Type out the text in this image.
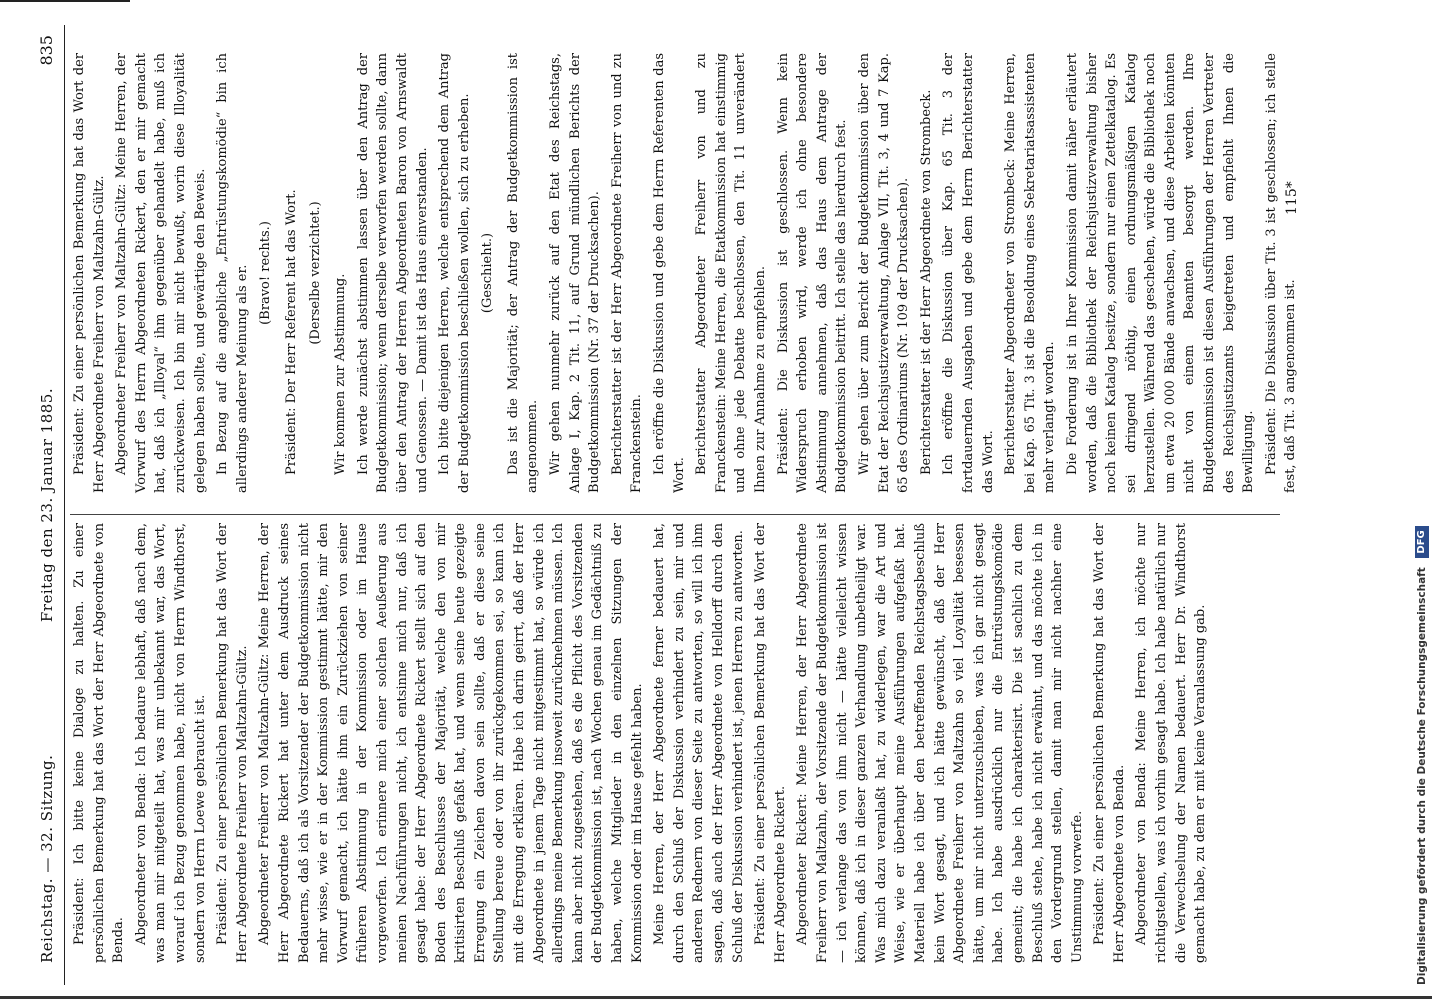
Reichstag. — 32. Sitzung.
Freitag den 23. Januar 1885.
835

Präsident: Ich bitte keine Dialoge zu halten. Zu einer persönlichen Bemerkung hat das Wort der Herr Abgeordnete von Benda. Abgeordneter von Benda: Ich bedaure lebhaft, daß nach dem, was man mir mitgeteilt hat, was mir unbekannt war, das Wort, worauf ich Bezug genommen habe, nicht von Herrn Windthorst, sondern von Herrn Loewe gebraucht ist. Präsident: Zu einer persönlichen Bemerkung hat das Wort der Herr Abgeordnete Freiherr von Maltzahn-Gültz. Abgeordneter Freiherr von Maltzahn-Gültz: Meine Herren, der Herr Abgeordnete Rickert hat unter dem Ausdruck seines Bedauerns, daß ich als Vorsitzender der Budgetkommission nicht mehr wisse, wie er in der Kommission gestimmt hätte, mir den Vorwurf gemacht, ich hätte ihm ein Zurückziehen von seiner früheren Abstimmung in der Kommission oder im Hause vorgeworfen. Ich erinnere mich einer solchen Aeußerung aus meinen Nachführungen nicht, ich entsinne mich nur, daß ich gesagt habe: der Herr Abgeordnete Rickert stellt sich auf den Boden des Beschlusses der Majorität, welche den von mir kritisirten Beschluß gefaßt hat, und wenn seine heute gezeigte Erregung ein Zeichen davon sein sollte, daß er diese seine Stellung bereue oder von ihr zurückgekommen sei, so kann ich mit die Erregung erklären. Habe ich darin geirrt, daß der Herr Abgeordnete in jenem Tage nicht mitgestimmt hat, so würde ich allerdings meine Bemerkung insoweit zurücknehmen müssen. Ich kann aber nicht zugestehen, daß es die Pflicht des Vorsitzenden der Budgetkommission ist, nach Wochen genau im Gedächtniß zu haben, welche Mitglieder in den einzelnen Sitzungen der Kommission oder im Hause gefehlt haben. Meine Herren, der Herr Abgeordnete ferner bedauert hat, durch den Schluß der Diskussion verhindert zu sein, mir und anderen Rednern von dieser Seite zu antworten, so will ich ihm sagen, daß auch der Herr Abgeordnete von Helldorff durch den Schluß der Diskussion verhindert ist, jenen Herren zu antworten. Präsident: Zu einer persönlichen Bemerkung hat das Wort der Herr Abgeordnete Rickert. Abgeordneter Rickert: Meine Herren, der Herr Abgeordnete Freiherr von Maltzahn, der Vorsitzende der Budgetkommission ist — ich verlange das von ihm nicht — hätte vielleicht wissen können, daß ich in dieser ganzen Verhandlung unbetheiligt war. Was mich dazu veranlaßt hat, zu widerlegen, war die Art und Weise, wie er überhaupt meine Ausführungen aufgefaßt hat. Materiell habe ich über den betreffenden Reichstagsbeschluß kein Wort gesagt, und ich hätte gewünscht, daß der Herr Abgeordnete Freiherr von Maltzahn so viel Loyalität besessen hätte, um mir nicht unterzuschieben, was ich gar nicht gesagt habe. Ich habe ausdrücklich nur die Entrüstungskomödie gemeint; die habe ich charakterisirt. Die ist sachlich zu dem Beschluß stehe, habe ich nicht erwähnt, und das möchte ich in den Vordergrund stellen, damit man mir nicht nachher eine Unstimmung vorwerfe. Präsident: Zu einer persönlichen Bemerkung hat das Wort der Herr Abgeordnete von Benda. Abgeordneter von Benda: Meine Herren, ich möchte nur richtigstellen, was ich vorhin gesagt habe. Ich habe natürlich nur die Verwechselung der Namen bedauert. Herr Dr. Windthorst gemacht habe, zu dem er mit keine Veranlassung gab.

Präsident: Zu einer persönlichen Bemerkung hat das Wort der Herr Abgeordnete Freiherr von Maltzahn-Gültz. Abgeordneter Freiherr von Maltzahn-Gültz: Meine Herren, der Vorwurf des Herrn Abgeordneten Rickert, den er mir gemacht hat, daß ich „Illoyal“ ihm gegenüber gehandelt habe, muß ich zurückweisen. Ich bin mir nicht bewußt, worin diese Illoyalität gelegen haben sollte, und gewärtige den Beweis. In Bezug auf die angebliche „Entrüstungskomödie“ bin ich allerdings anderer Meinung als er. (Bravo! rechts.) Präsident: Der Herr Referent hat das Wort. (Derselbe verzichtet.)

Wir kommen zur Abstimmung. Ich werde zunächst abstimmen lassen über den Antrag der Budgetkommission; wenn derselbe verworfen werden sollte, dann über den Antrag der Herren Abgeordneten Baron von Arnswaldt und Genossen. — Damit ist das Haus einverstanden. Ich bitte diejenigen Herren, welche entsprechend dem Antrag der Budgetkommission beschließen wollen, sich zu erheben. (Geschieht.) Das ist die Majorität; der Antrag der Budgetkommission ist angenommen. Wir gehen nunmehr zurück auf den Etat des Reichstags, Anlage I, Kap. 2 Tit. 11, auf Grund mündlichen Berichts der Budgetkommission (Nr. 37 der Drucksachen). Berichterstatter ist der Herr Abgeordnete Freiherr von und zu Franckenstein. Ich eröffne die Diskussion und gebe dem Herrn Referenten das Wort.

Berichterstatter Abgeordneter Freiherr von und zu Franckenstein: Meine Herren, die Etatkommission hat einstimmig und ohne jede Debatte beschlossen, den Tit. 11 unverändert Ihnen zur Annahme zu empfehlen. Präsident: Die Diskussion ist geschlossen. Wenn kein Widerspruch erhoben wird, werde ich ohne besondere Abstimmung annehmen, daß das Haus dem Antrage der Budgetkommission beitritt. Ich stelle das hierdurch fest. Wir gehen über zum Bericht der Budgetkommission über den Etat der Reichsjustizverwaltung, Anlage VII, Tit. 3, 4 und 7 Kap. 65 des Ordinariums (Nr. 109 der Drucksachen). Berichterstatter ist der Herr Abgeordnete von Strombeck. Ich eröffne die Diskussion über Kap. 65 Tit. 3 der fortdauernden Ausgaben und gebe dem Herrn Berichterstatter das Wort. Berichterstatter Abgeordneter von Strombeck: Meine Herren, bei Kap. 65 Tit. 3 ist die Besoldung eines Sekretariatsassistenten mehr verlangt worden. Die Forderung ist in Ihrer Kommission damit näher erläutert worden, daß die Bibliothek der Reichsjustizverwaltung bisher noch keinen Katalog besitze, sondern nur einen Zettelkatalog. Es sei dringend nöthig, einen ordnungsmäßigen Katalog herzustellen. Während das geschehen, würde die Bibliothek noch um etwa 20 000 Bände anwachsen, und diese Arbeiten könnten nicht von einem Beamten besorgt werden. Ihre Budgetkommission ist diesen Ausführungen der Herren Vertreter des Reichsjustizamts beigetreten und empfiehlt Ihnen die Bewilligung. Präsident: Die Diskussion über Tit. 3 ist geschlossen; ich stelle fest, daß Tit. 3 angenommen ist.

115*
Digitalisierung gefördert durch die Deutsche Forschungsgemeinschaft DFG
